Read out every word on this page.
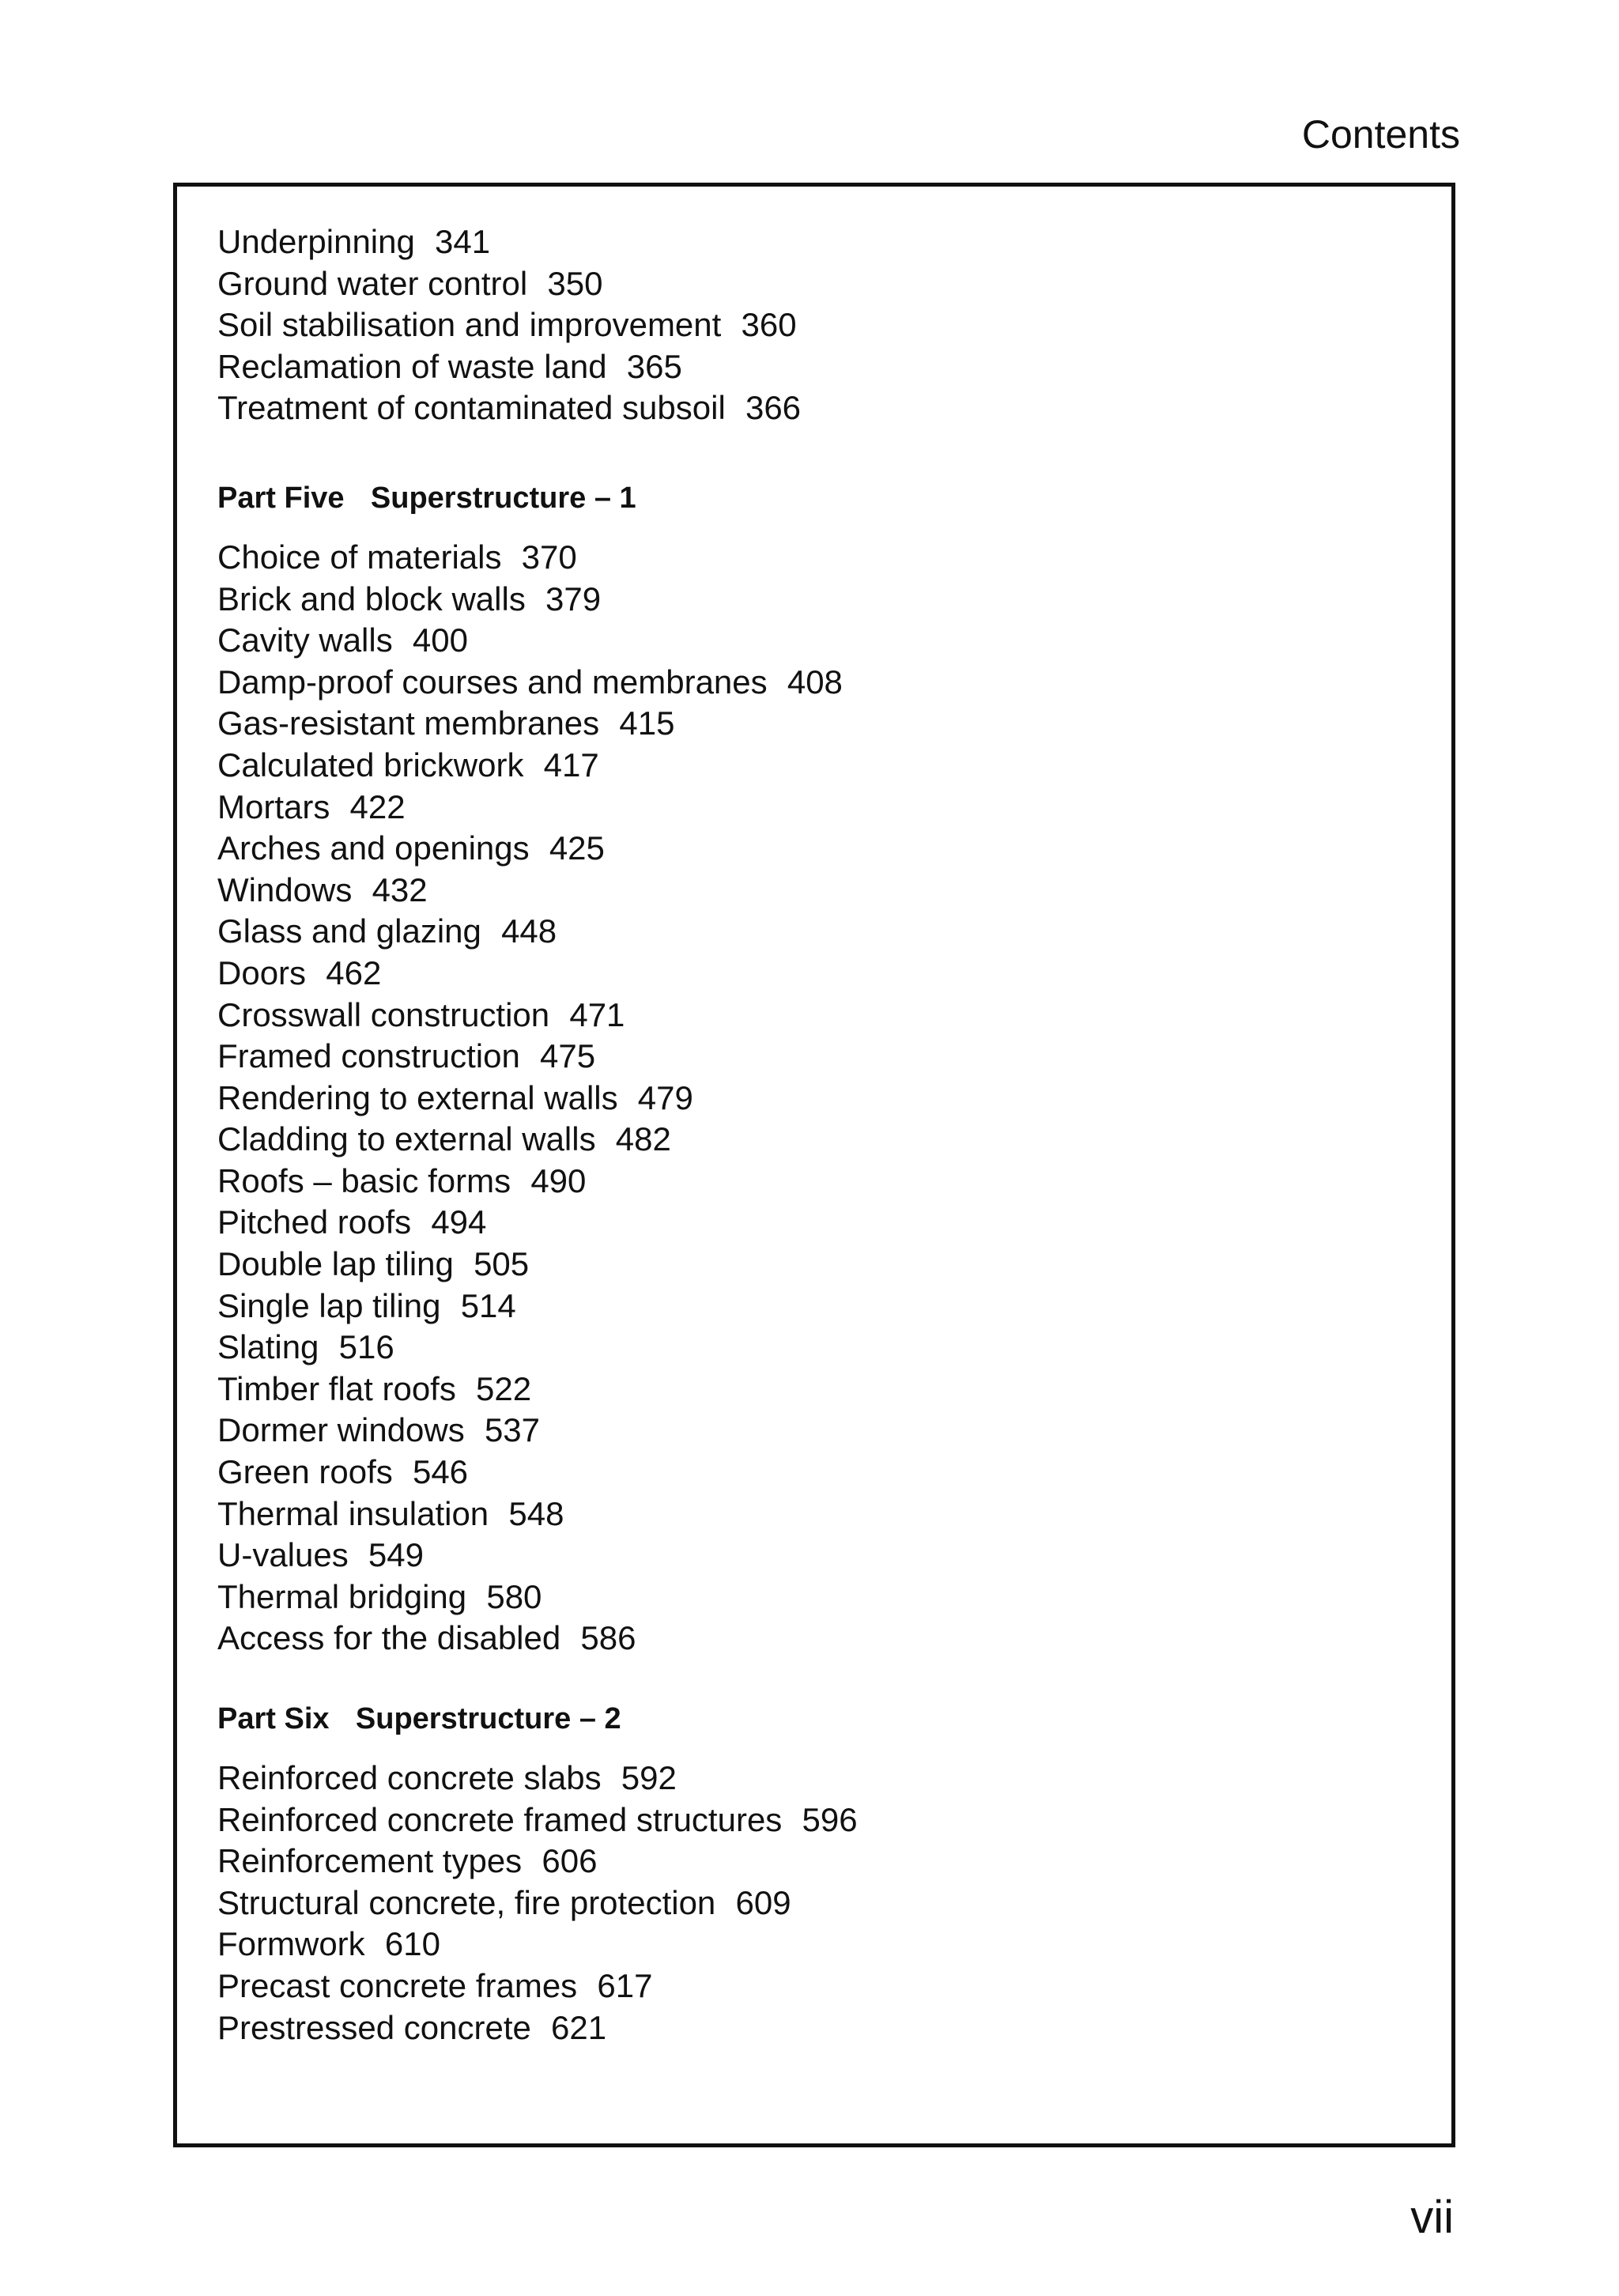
Contents
Underpinning 341
Ground water control 350
Soil stabilisation and improvement 360
Reclamation of waste land 365
Treatment of contaminated subsoil 366
Part Five Superstructure – 1
Choice of materials 370
Brick and block walls 379
Cavity walls 400
Damp-proof courses and membranes 408
Gas-resistant membranes 415
Calculated brickwork 417
Mortars 422
Arches and openings 425
Windows 432
Glass and glazing 448
Doors 462
Crosswall construction 471
Framed construction 475
Rendering to external walls 479
Cladding to external walls 482
Roofs – basic forms 490
Pitched roofs 494
Double lap tiling 505
Single lap tiling 514
Slating 516
Timber flat roofs 522
Dormer windows 537
Green roofs 546
Thermal insulation 548
U-values 549
Thermal bridging 580
Access for the disabled 586
Part Six Superstructure – 2
Reinforced concrete slabs 592
Reinforced concrete framed structures 596
Reinforcement types 606
Structural concrete, fire protection 609
Formwork 610
Precast concrete frames 617
Prestressed concrete 621
vii
